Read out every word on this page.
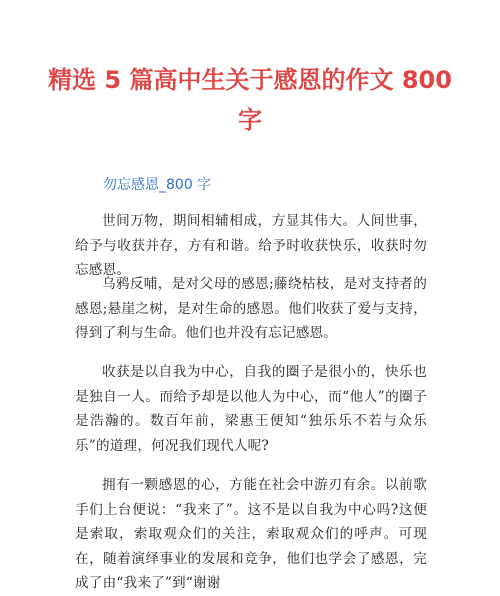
精选 5 篇高中生关于感恩的作文 800 字

勿忘感恩_800 字

世间万物，期间相辅相成，方显其伟大。人间世事，给予与收获并存，方有和谐。给予时收获快乐，收获时勿忘感恩。

乌鸦反哺，是对父母的感恩;藤绕枯枝，是对支持者的感恩;悬崖之树，是对生命的感恩。他们收获了爱与支持，得到了利与生命。他们也并没有忘记感恩。

收获是以自我为中心，自我的圈子是很小的，快乐也是独自一人。而给予却是以他人为中心，而“他人”的圈子是浩瀚的。数百年前，梁惠王便知“独乐乐不若与众乐乐”的道理，何况我们现代人呢?

拥有一颗感恩的心，方能在社会中游刃有余。以前歌手们上台便说：“我来了”。这不是以自我为中心吗?这便是索取，索取观众们的关注，索取观众们的呼声。可现在，随着演绎事业的发展和竞争，他们也学会了感恩，完成了由“我来了”到“谢谢
